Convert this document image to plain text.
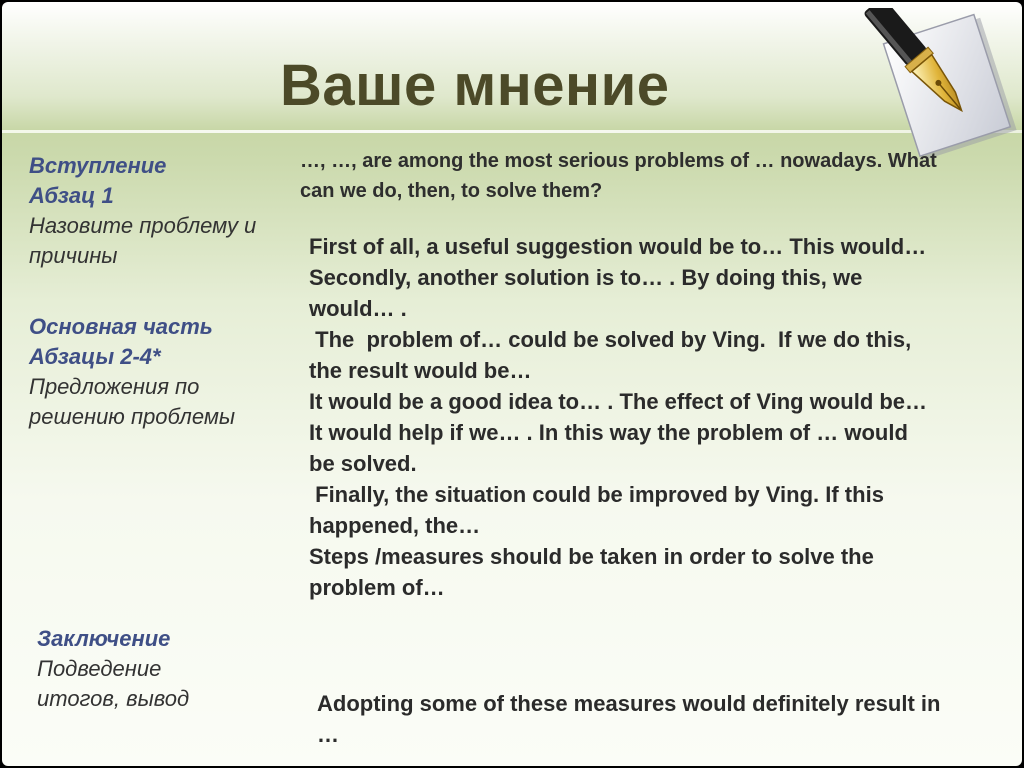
Ваше мнение
Вступление
Абзац 1
Назовите проблему и причины
Основная часть
Абзацы 2-4*
Предложения по решению проблемы
Заключение
Подведение итогов, вывод
…, …, are among the most serious problems of … nowadays. What can we do, then, to solve them?

First of all, a useful suggestion would be to… This would…

Secondly, another solution is to… . By doing this, we would… .

The  problem of… could be solved by Ving.  If we do this, the result would be…

It would be a good idea to… . The effect of Ving would be…

It would help if we… . In this way the problem of … would be solved.

Finally, the situation could be improved by Ving. If this happened, the…

Steps /measures should be taken in order to solve the problem of…

Adopting some of these measures would definitely result in …
